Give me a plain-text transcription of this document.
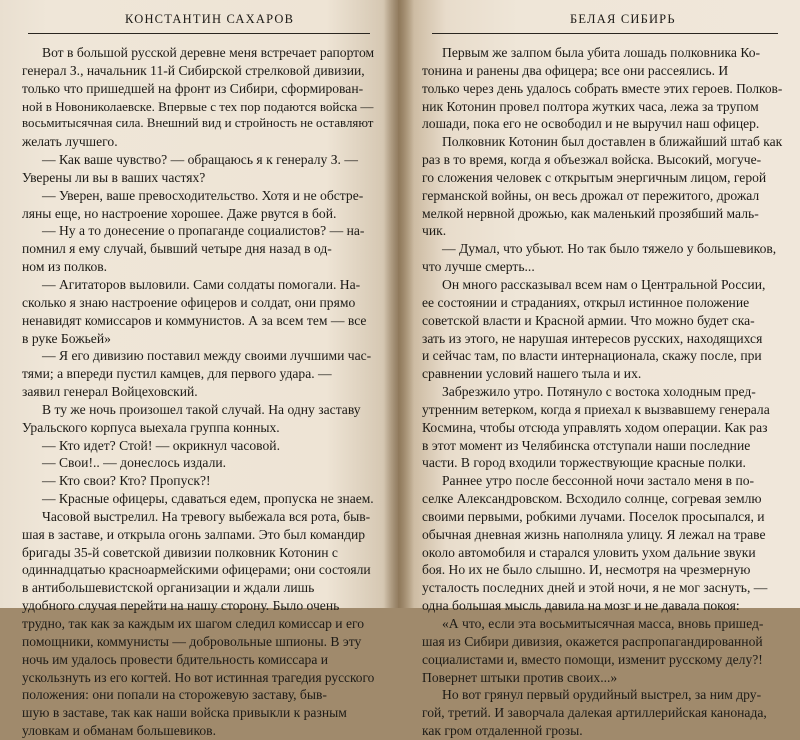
КОНСТАНТИН САХАРОВ
Вот в большой русской деревне меня встречает рапортом
генерал З., начальник 11-й Сибирской стрелковой дивизии,
только что пришедшей на фронт из Сибири, сформирован-
ной в Новониколаевске. Впервые с тех пор подаются войска —
восьмитысячная сила. Внешний вид и стройность не оставляют
желать лучшего.
— Как ваше чувство? — обращаюсь я к генералу З. —
Уверены ли вы в ваших частях?
— Уверен, ваше превосходительство. Хотя и не обстре-
ляны еще, но настроение хорошее. Даже рвутся в бой.
— Ну а то донесение о пропаганде социалистов? — на-
помнил я ему случай, бывший четыре дня назад в од-
ном из полков.
— Агитаторов выловили. Сами солдаты помогали. На-
сколько я знаю настроение офицеров и солдат, они прямо
ненавидят комиссаров и коммунистов. А за всем тем — все
в руке Божьей»
— Я его дивизию поставил между своими лучшими час-
тями; а впереди пустил камцев, для первого удара. —
заявил генерал Войцеховский.
В ту же ночь произошел такой случай. На одну заставу
Уральского корпуса выехала группа конных.
— Кто идет? Стой! — окрикнул часовой.
— Свои!.. — донеслось издали.
— Кто свои? Кто? Пропуск?!
— Красные офицеры, сдаваться едем, пропуска не знаем.
Часовой выстрелил. На тревогу выбежала вся рота, быв-
шая в заставе, и открыла огонь залпами. Это был командир
бригады 35-й советской дивизии полковник Котонин с
одиннадцатью красноармейскими офицерами; они состояли
в антибольшевистской организации и ждали лишь
удобного случая перейти на нашу сторону. Было очень
трудно, так как за каждым их шагом следил комиссар и его
помощники, коммунисты — добровольные шпионы. В эту
ночь им удалось провести бдительность комиссара и
ускользнуть из его когтей. Но вот истинная трагедия русского
положения: они попали на сторожевую заставу, быв-
шую в заставе, так как наши войска привыкли к разным
уловкам и обманам большевиков.
БЕЛАЯ СИБИРЬ
Первым же залпом была убита лошадь полковника Ко-
тонина и ранены два офицера; все они рассеялись. И
только через день удалось собрать вместе этих героев. Полков-
ник Котонин провел полтора жутких часа, лежа за трупом
лошади, пока его не освободил и не выручил наш офицер.
Полковник Котонин был доставлен в ближайший штаб как
раз в то время, когда я объезжал войска. Высокий, могуче-
го сложения человек с открытым энергичным лицом, герой
германской войны, он весь дрожал от пережитого, дрожал
мелкой нервной дрожью, как маленький прозябший маль-
чик.
— Думал, что убьют. Но так было тяжело у большевиков,
что лучше смерть...
Он много рассказывал всем нам о Центральной России,
ее состоянии и страданиях, открыл истинное положение
советской власти и Красной армии. Что можно будет ска-
зать из этого, не нарушая интересов русских, находящихся
и сейчас там, по власти интернационала, скажу после, при
сравнении условий нашего тыла и их.
Забрезжило утро. Потянуло с востока холодным пред-
утренним ветерком, когда я приехал к вызвавшему генерала
Космина, чтобы отсюда управлять ходом операции. Как раз
в этот момент из Челябинска отступали наши последние
части. В город входили торжествующие красные полки.
Раннее утро после бессонной ночи застало меня в по-
селке Александровском. Всходило солнце, согревая землю
своими первыми, робкими лучами. Поселок просыпался, и
обычная дневная жизнь наполняла улицу. Я лежал на траве
около автомобиля и старался уловить ухом дальние звуки
боя. Но их не было слышно. И, несмотря на чрезмерную
усталость последних дней и этой ночи, я не мог заснуть, —
одна большая мысль давила на мозг и не давала покоя:
«А что, если эта восьмитысячная масса, вновь пришед-
шая из Сибири дивизия, окажется распропагандированной
социалистами и, вместо помощи, изменит русскому делу?!
Повернет штыки против своих...»
Но вот грянул первый орудийный выстрел, за ним дру-
гой, третий. И заворчала далекая артиллерийская канонада,
как гром отдаленной грозы.
